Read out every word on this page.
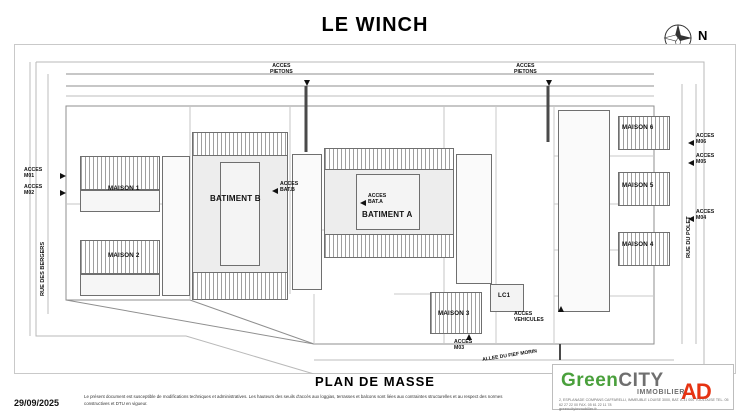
LE WINCH	N
MAISON 1
MAISON 2
BATIMENT B
BATIMENT A
MAISON 6
MAISON 5
MAISON 4
MAISON 3
LC1
ACCES
PIETONS
ACCES
PIETONS
ACCES
M01
ACCES
M02
ACCES
BAT.B
ACCES
BAT.A
ACCES
M06
ACCES
M05
ACCES
M04
ACCES
M03
ACCES
VEHICULES
RUE DES BERGERS
RUE DU POLET
ALLEE DU FIEF MORIN
PLAN DE MASSE	GreenCITY AD
IMMOBILIER
2, ESPLANADE COMPANS CAFFARELLI, IMMEUBLE LOUISE 3000, BAT. A 31 000 TOULOUSE TEL. 05 62 27 22 00 FAX. 05 61 22 11 78
greencityimmobilier.fr
29/09/2025
Le présent document est susceptible de modifications techniques et administratives. Les hauteurs des seuils d'accès aux loggias, terrasses et balcons sont liées aux contraintes structurelles et au respect des normes constructives et DTU en vigueur.
